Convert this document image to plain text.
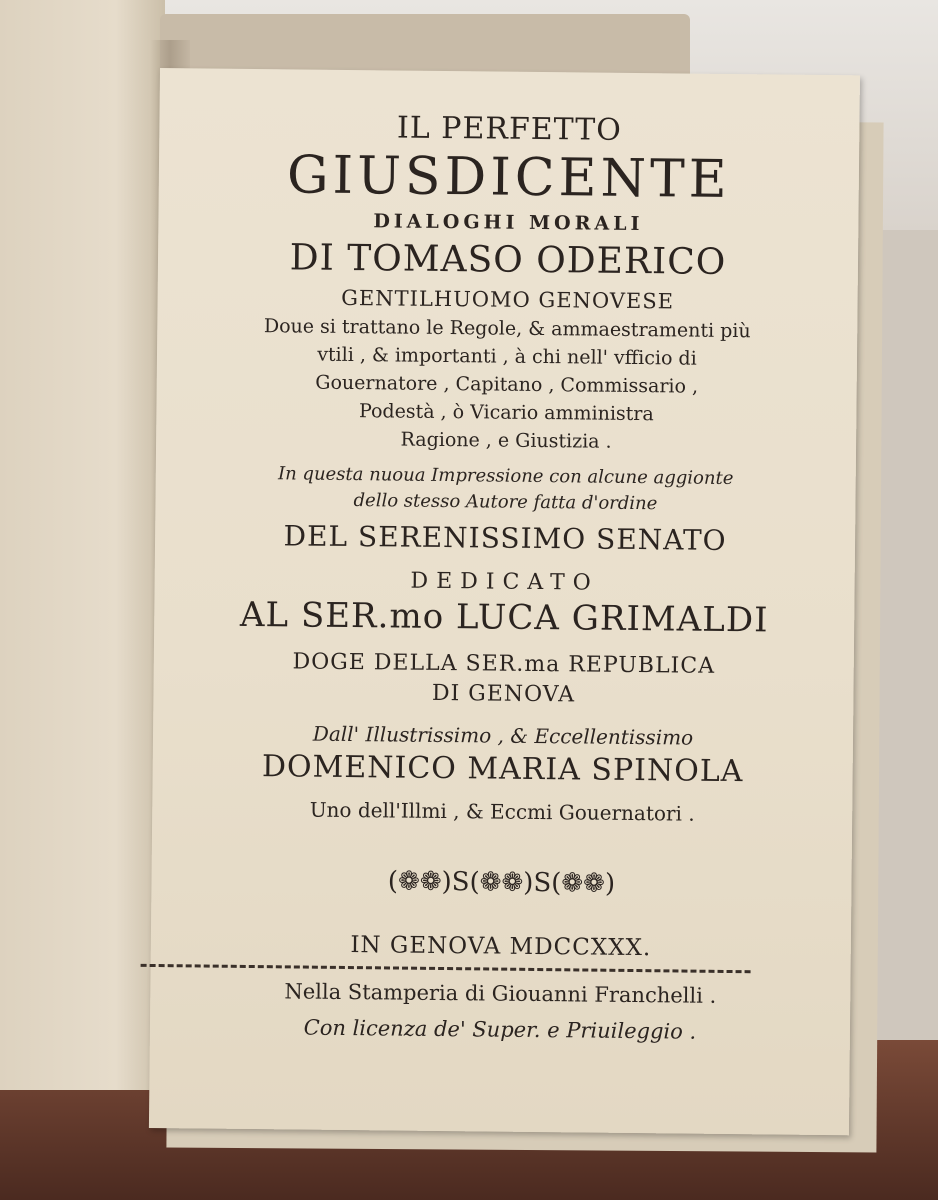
IL PERFETTO
GIUSDICENTE
DIALOGHI MORALI
DI TOMASO ODERICO
GENTILHUOMO GENOVESE
Doue si trattano le Regole, & ammaestramenti più
vtili , & importanti , à chi nell' vfficio di
Gouernatore , Capitano , Commissario ,
Podestà , ò Vicario amministra
Ragione , e Giustizia .
In questa nuoua Impressione con alcune aggionte
dello stesso Autore fatta d'ordine
DEL SERENISSIMO SENATO
DEDICATO
AL SER.mo LUCA GRIMALDI
DOGE DELLA SER.ma REPUBLICA
DI GENOVA
Dall' Illustrissimo , & Eccellentissimo
DOMENICO MARIA SPINOLA
Uno dell'Illmi , & Eccmi Gouernatori .
(❁❁)S(❁❁)S(❁❁)
IN GENOVA MDCCXXX.
Nella Stamperia di Giouanni Franchelli .
Con licenza de' Super. e Priuileggio .
